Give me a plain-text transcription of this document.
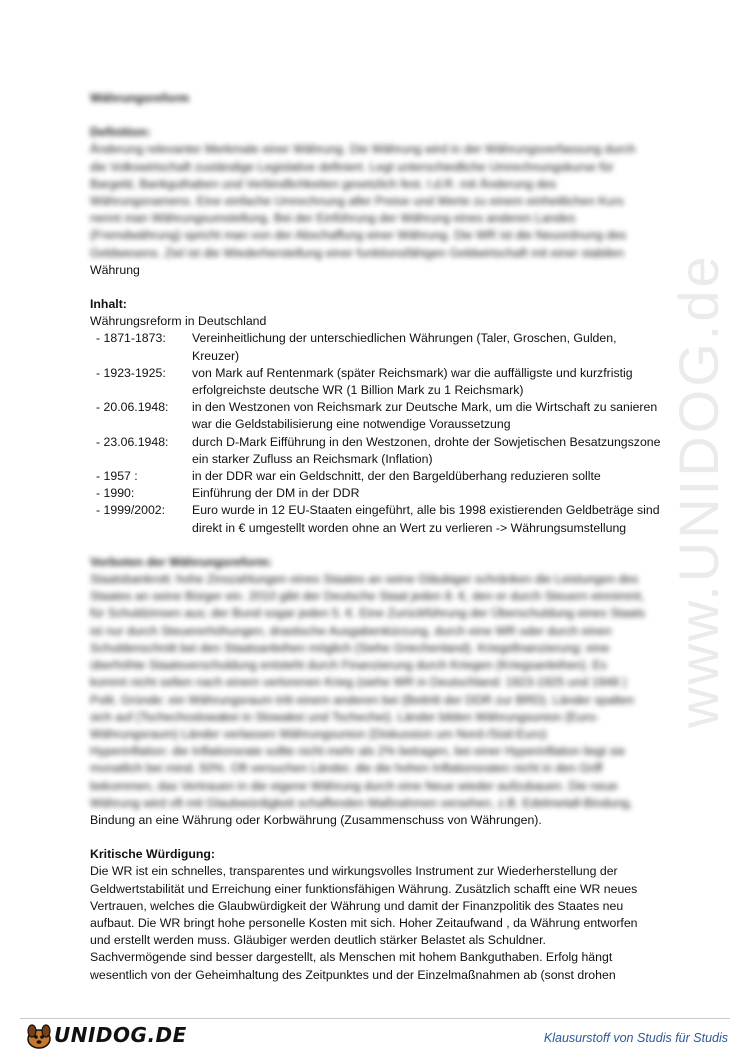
www.UNIDOG.de

Währungsreform

Definition:

Änderung relevanter Merkmale einer Währung. Die Währung wird in der Währungsverfassung durch

die Volkswirtschaft zuständige Legislative definiert. Legt unterschiedliche Umrechnungskurse für

Bargeld, Bankguthaben und Verbindlichkeiten gesetzlich fest. I.d.R. mit Änderung des

Währungsnamens. Eine einfache Umrechnung aller Preise und Werte zu einem einheitlichen Kurs

nennt man Währungsumstellung. Bei der Einführung der Währung eines anderen Landes

(Fremdwährung) spricht man von der Abschaffung einer Währung. Die WR ist die Neuordnung des

Geldwesens. Ziel ist die Wiederherstellung einer funktionsfähigen Geldwirtschaft mit einer stabilen

Währung

Inhalt:

Währungsreform in Deutschland

- 1871-1873:	Vereinheitlichung der unterschiedlichen Währungen (Taler, Groschen, Gulden, Kreuzer)
- 1923-1925:	von Mark auf Rentenmark (später Reichsmark) war die auffälligste und kurzfristig erfolgreichste deutsche WR (1 Billion Mark zu 1 Reichsmark)
- 20.06.1948:	in den Westzonen von Reichsmark zur Deutsche Mark, um die Wirtschaft zu sanieren war die Geldstabilisierung eine notwendige Voraussetzung
- 23.06.1948:	durch D-Mark Eifführung in den Westzonen, drohte der Sowjetischen Besatzungszone ein starker Zufluss an Reichsmark (Inflation)
- 1957 :	in der DDR war ein Geldschnitt, der den Bargeldüberhang reduzieren sollte
- 1990:	Einführung der DM in der DDR
- 1999/2002:	Euro wurde in 12 EU-Staaten eingeführt, alle bis 1998 existierenden Geldbeträge sind direkt in € umgestellt worden ohne an Wert zu verlieren -> Währungsumstellung

Vorboten der Währungsreform:

Staatsbankrott: hohe Zinszahlungen eines Staates an seine Gläubiger schränken die Leistungen des

Staates an seine Bürger ein. 2010 gibt der Deutsche Staat jeden 8. €, den er durch Steuern einnimmt,

für Schuldzinsen aus; der Bund sogar jeden 5. €. Eine Zurückführung der Überschuldung eines Staats

ist nur durch Steuererhöhungen, drastische Ausgabenkürzung, durch eine WR oder durch einen

Schuldenschnitt bei den Staatsanleihen möglich (Siehe Griechenland). Kriegsfinanzierung: eine

überhöhte Staatsverschuldung entsteht durch Finanzierung durch Kriegen (Kriegsanleihen). Es

kommt nicht selten nach einem verlorenen Krieg (siehe WR in Deutschland: 1923-1925 und 1948 )

Polit. Gründe: ein Währungsraum tritt einem anderen bei (Beitritt der DDR zur BRD). Länder spalten

sich auf (Tschechoslowakei in Slowakei und Tschechei). Länder bilden Währungsunion (Euro-

Währungsraum) Länder verlassen Währungsunion (Diskussion um Nord-/Süd-Euro)

Hyperinflation: die Inflationsrate sollte nicht mehr als 2% betragen, bei einer Hyperinflation liegt sie

monatlich bei mind. 50%. Oft versuchen Länder, die die hohen Inflationsraten nicht in den Griff

bekommen, das Vertrauen in die eigene Währung durch eine Neue wieder aufzubauen. Die neue

Währung wird oft mit Glaubwürdigkeit schaffenden Maßnahmen versehen, z.B. Edelmetall-Bindung,

Bindung an eine Währung oder Korbwährung (Zusammenschuss von Währungen).

Kritische Würdigung:

Die WR ist ein schnelles, transparentes und wirkungsvolles Instrument zur Wiederherstellung der

Geldwertstabilität und Erreichung einer funktionsfähigen Währung. Zusätzlich schafft eine WR neues

Vertrauen, welches die Glaubwürdigkeit der Währung und damit der Finanzpolitik des Staates neu

aufbaut. Die WR bringt hohe personelle Kosten mit sich. Hoher Zeitaufwand , da Währung entworfen

und erstellt werden muss. Gläubiger werden deutlich stärker Belastet als Schuldner.

Sachvermögende sind besser dargestellt, als Menschen mit hohem Bankguthaben. Erfolg hängt

wesentlich von der Geheimhaltung des Zeitpunktes und der Einzelmaßnahmen ab (sonst drohen

UNIDOG.DE	Klausurstoff von Studis für Studis
